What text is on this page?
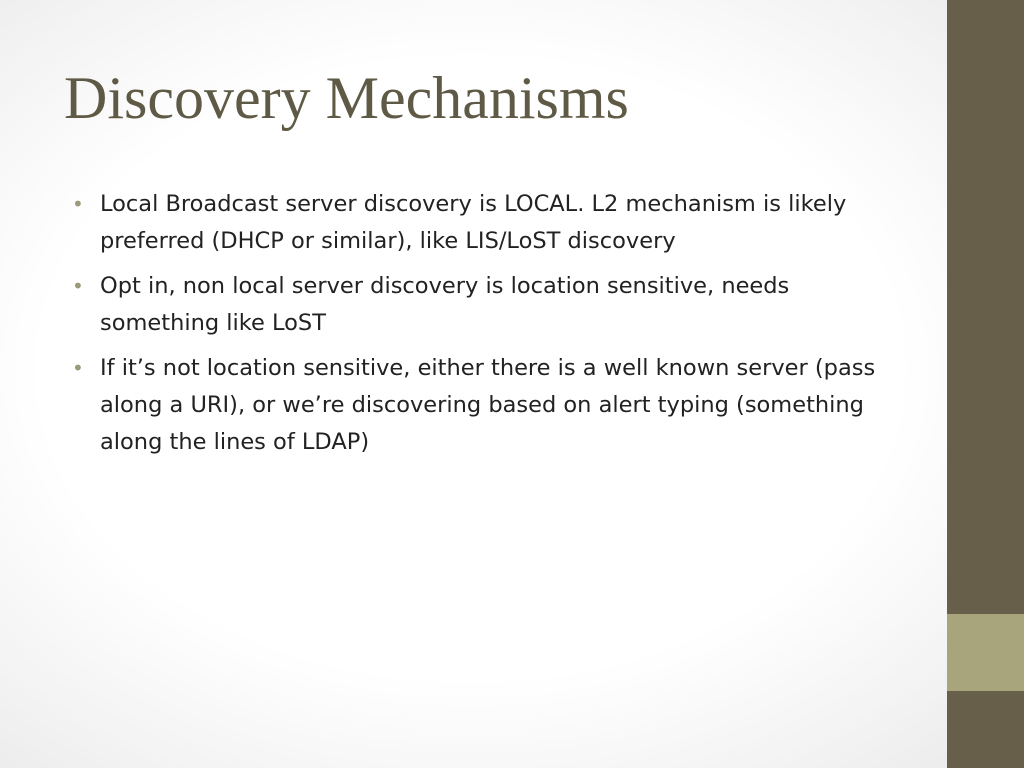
Discovery Mechanisms
• Local Broadcast server discovery is LOCAL. L2 mechanism is likely preferred (DHCP or similar), like LIS/LoST discovery
• Opt in, non local server discovery is location sensitive, needs something like LoST
• If it’s not location sensitive, either there is a well known server (pass along a URI), or we’re discovering based on alert typing (something along the lines of LDAP)
